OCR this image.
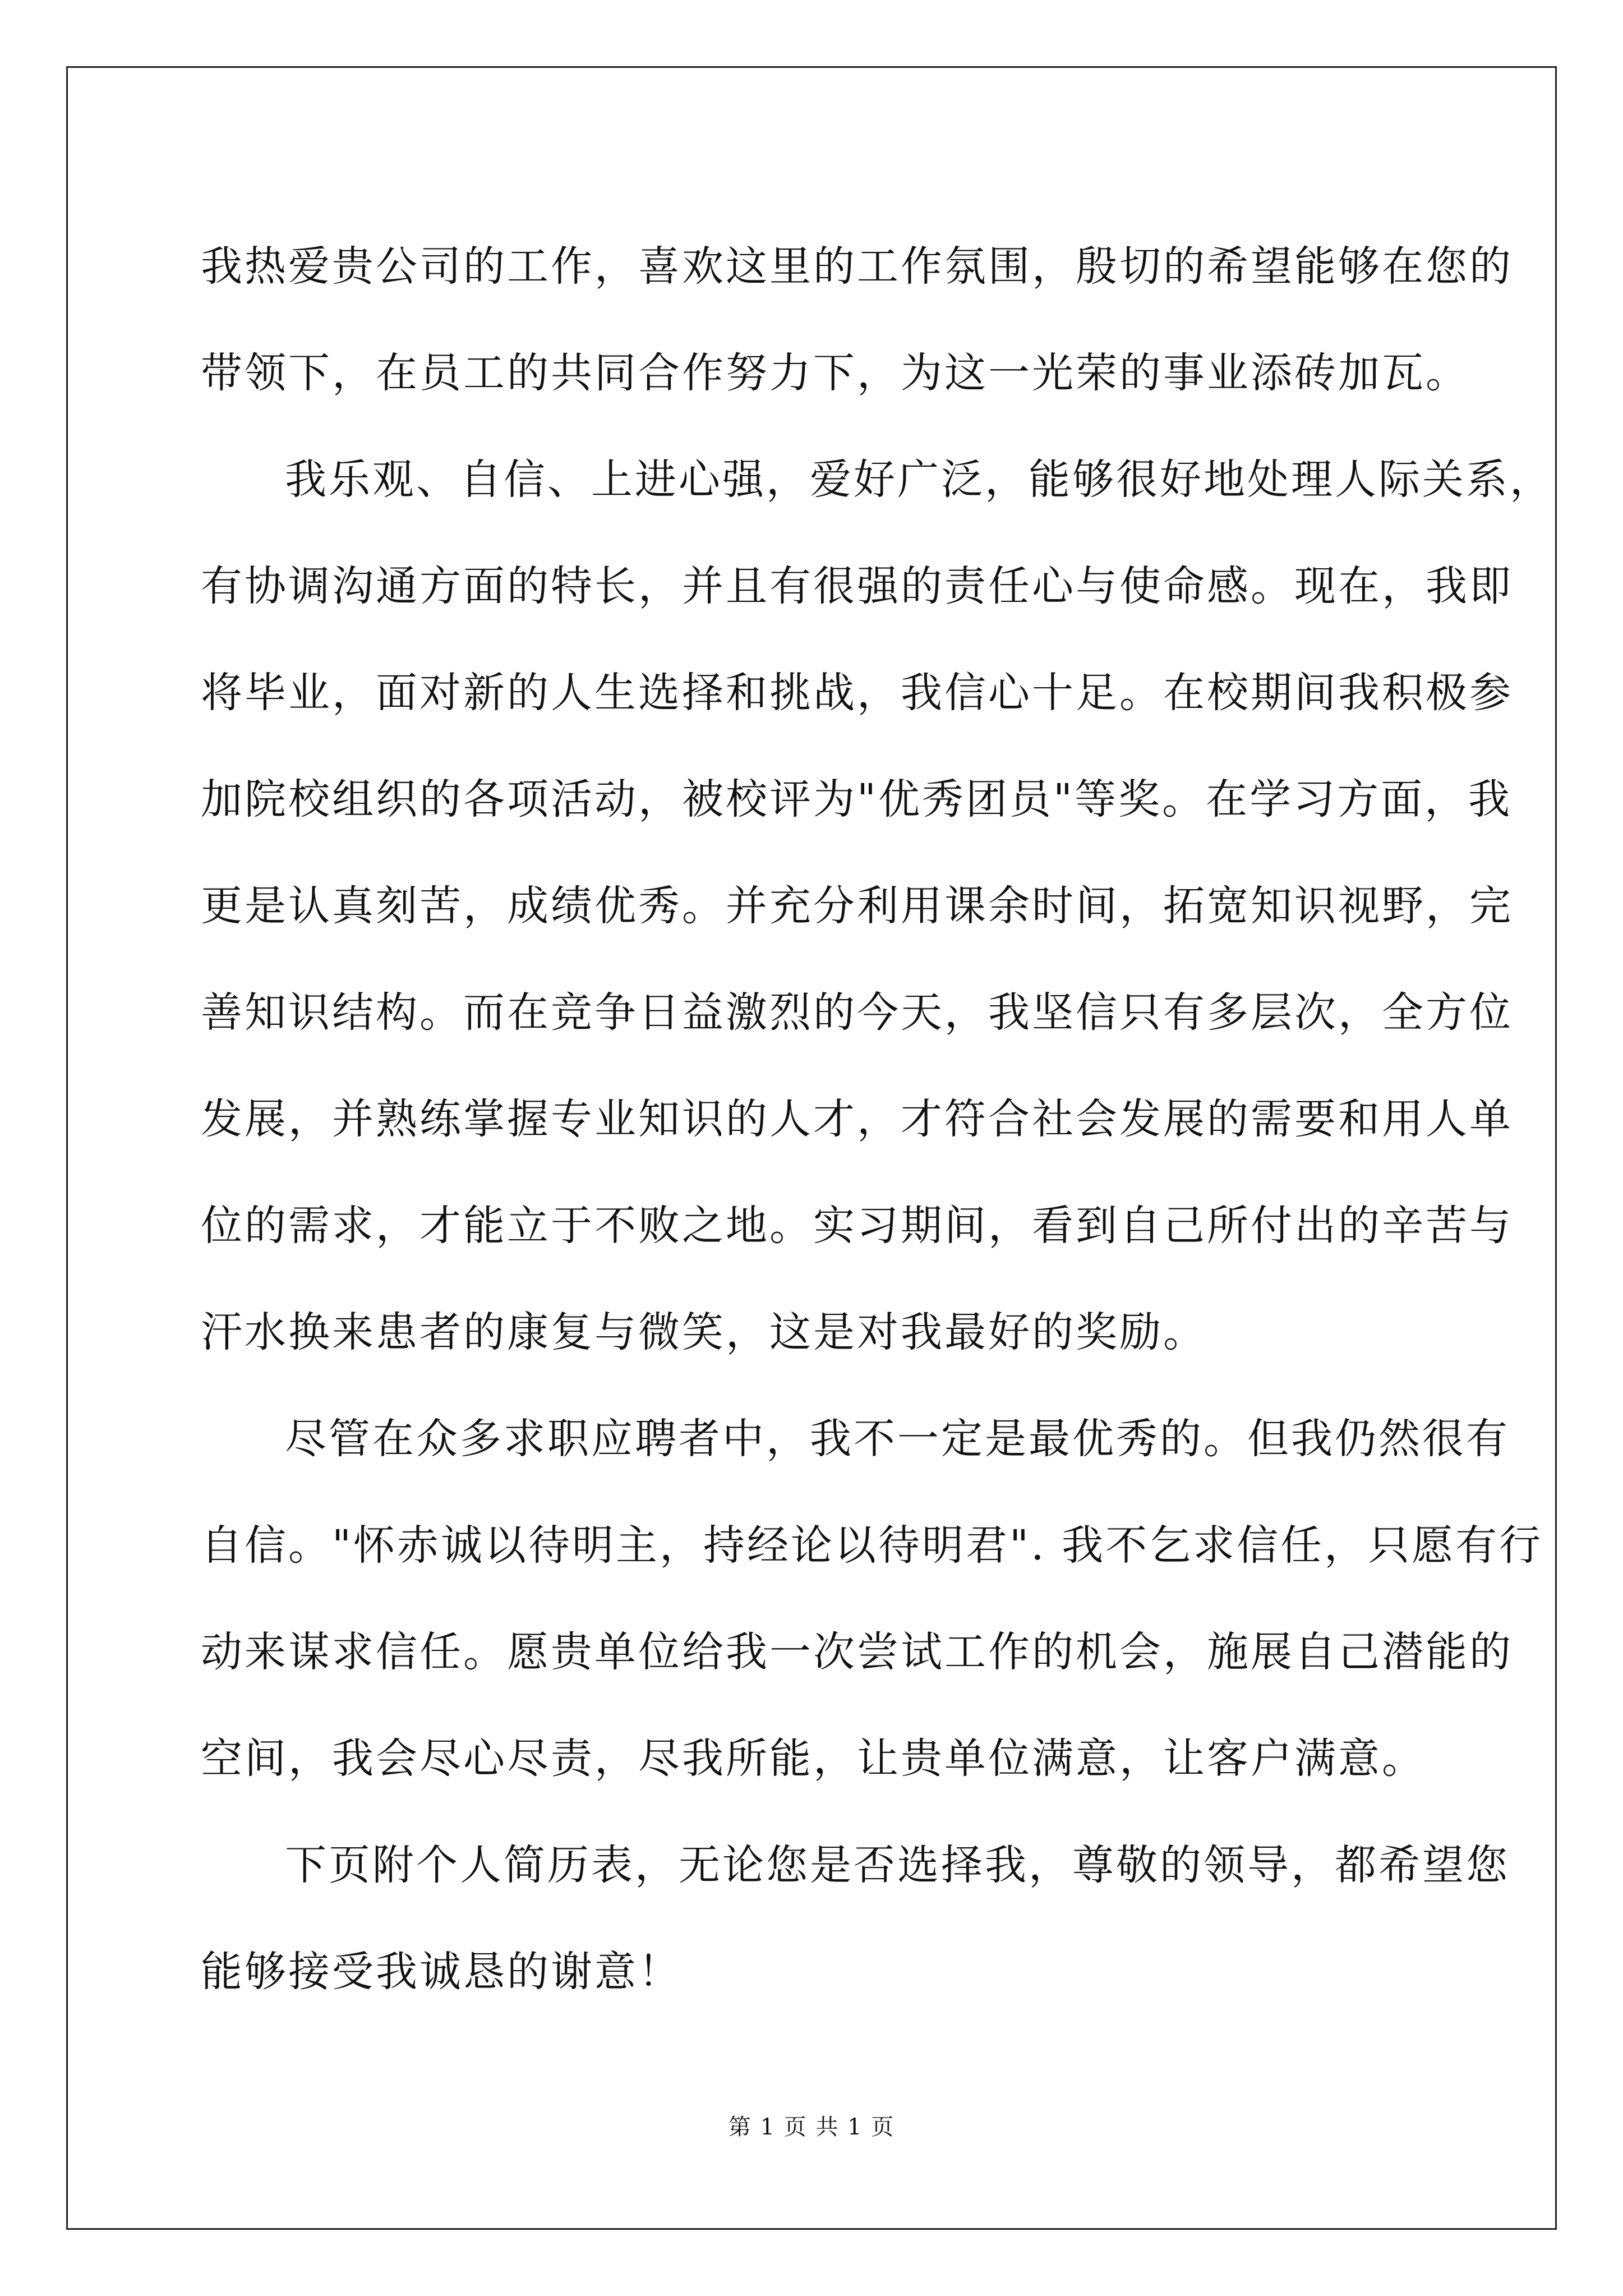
我热爱贵公司的工作，喜欢这里的工作氛围，殷切的希望能够在您的
带领下，在员工的共同合作努力下，为这一光荣的事业添砖加瓦。
我乐观、自信、上进心强，爱好广泛，能够很好地处理人际关系，
有协调沟通方面的特长，并且有很强的责任心与使命感。现在，我即
将毕业，面对新的人生选择和挑战，我信心十足。在校期间我积极参
加院校组织的各项活动，被校评为"优秀团员"等奖。在学习方面，我
更是认真刻苦，成绩优秀。并充分利用课余时间，拓宽知识视野，完
善知识结构。而在竞争日益激烈的今天，我坚信只有多层次，全方位
发展，并熟练掌握专业知识的人才，才符合社会发展的需要和用人单
位的需求，才能立于不败之地。实习期间，看到自己所付出的辛苦与
汗水换来患者的康复与微笑，这是对我最好的奖励。
尽管在众多求职应聘者中，我不一定是最优秀的。但我仍然很有
自信。"怀赤诚以待明主，持经论以待明君". 我不乞求信任，只愿有行
动来谋求信任。愿贵单位给我一次尝试工作的机会，施展自己潜能的
空间，我会尽心尽责，尽我所能，让贵单位满意，让客户满意。
下页附个人简历表，无论您是否选择我，尊敬的领导，都希望您
能够接受我诚恳的谢意！
第 1 页 共 1 页
